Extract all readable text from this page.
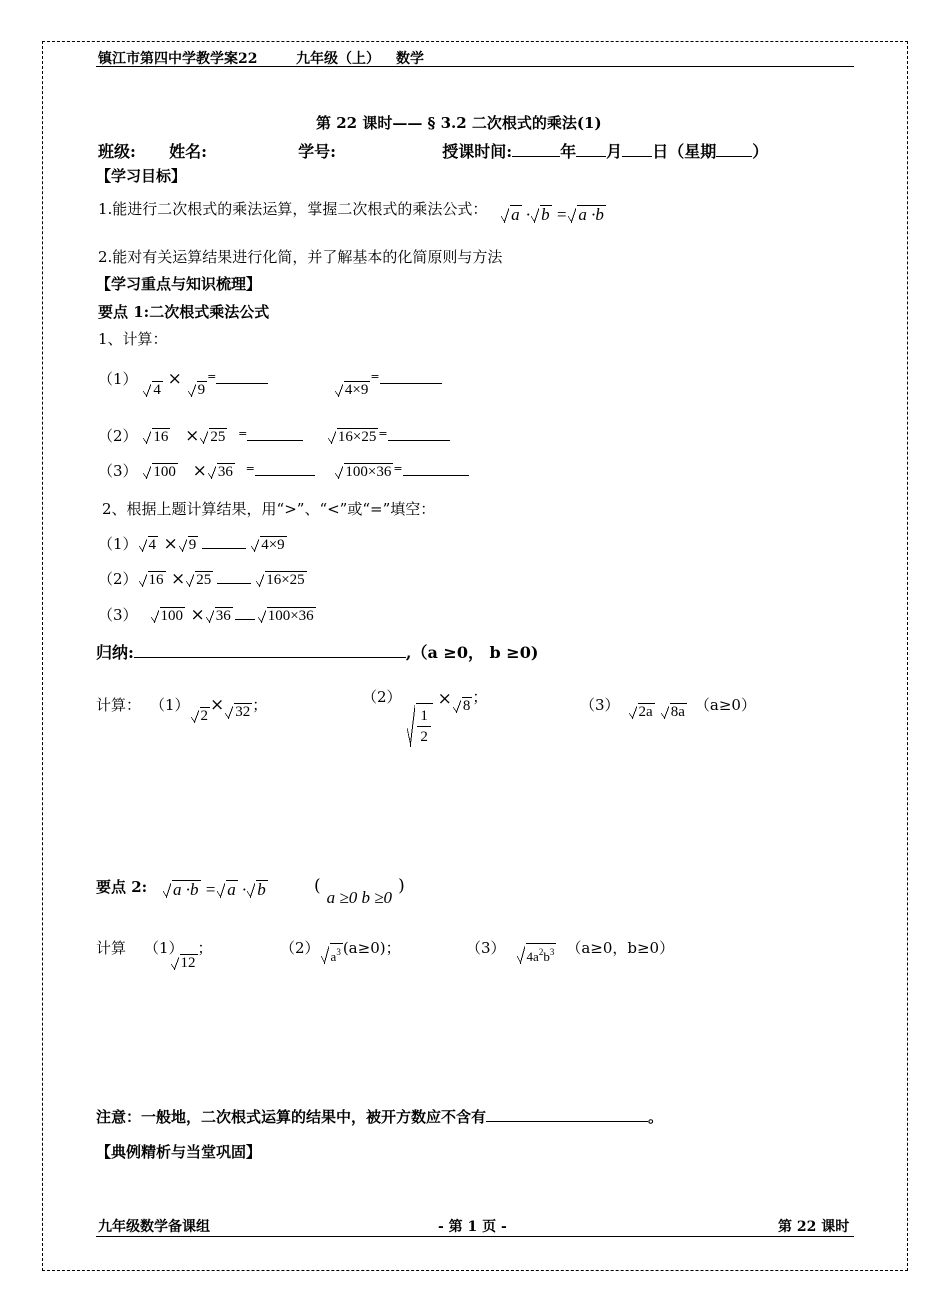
镇江市第四中学教学案22	九年级（上） 数学
第 22 课时—— § 3.2 二次根式的乘法(1)
班级: 姓名:	学号:	授课时间:	年 月 日（星期 ）
【学习目标】
1.能进行二次根式的乘法运算，掌握二次根式的乘法公式： a · b = a ·b
2.能对有关运算结果进行化简，并了解基本的化简原则与方法
【学习重点与知识梳理】
要点 1:二次根式乘法公式
1、计算：
（1） 4 × 9=  4×9=
（2） 16 × 25 =	16×25 =
（3） 100 × 36 =	100×36 =
2、根据上题计算结果，用“>”、“<”或“=”填空：
（1） 4 × 9	4×9
（2） 16 × 25	16×25
（3） 100 × 36 100×36
归纳:	,（a ≥0， b ≥0)
计算： （1）2× 32 ；	（2）
$\frac{1}{2}$
× 8 ；	（3） 2a 8a （a≥0）
要点 2:	a ·b = a · b	(a ≥0 b ≥0)
计算 （1）12；	（2） $a^3$ (a≥0)；	（3） $4a^2b^3$ （a≥0，b≥0）
注意：一般地，二次根式运算的结果中，被开方数应不含有	。
【典例精析与当堂巩固】
九年级数学备课组	- 第 1 页 -	第 22 课时
